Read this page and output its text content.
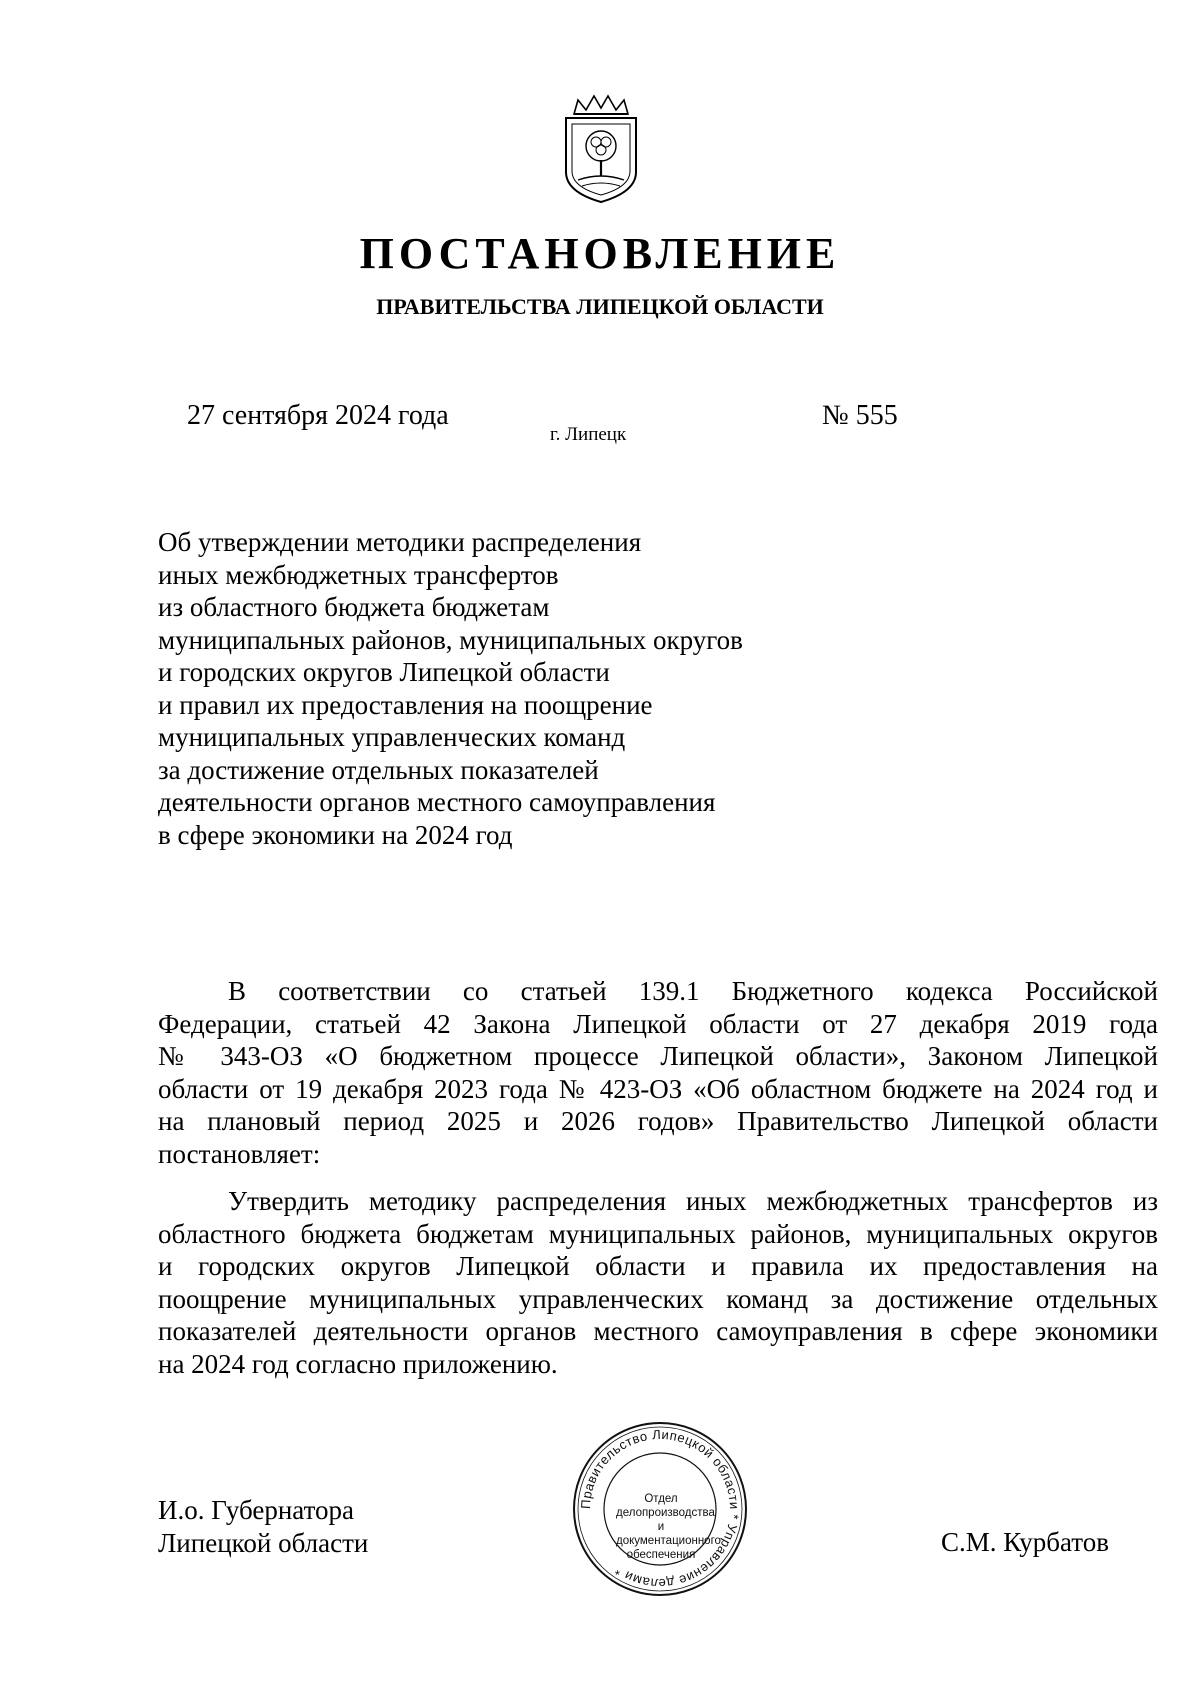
ПОСТАНОВЛЕНИЕ
ПРАВИТЕЛЬСТВА ЛИПЕЦКОЙ ОБЛАСТИ
27 сентября 2024 года
г. Липецк
№ 555
Об утверждении методики распределения
иных межбюджетных трансфертов
из областного бюджета бюджетам
муниципальных районов, муниципальных округов
и городских округов Липецкой области
и правил их предоставления на поощрение
муниципальных управленческих команд
за достижение отдельных показателей
деятельности органов местного самоуправления
в сфере экономики на 2024 год
В соответствии со статьей 139.1 Бюджетного кодекса Российской
Федерации, статьей 42 Закона Липецкой области от 27 декабря 2019 года
№ 343-ОЗ «О бюджетном процессе Липецкой области», Законом Липецкой
области от 19 декабря 2023 года № 423-ОЗ «Об областном бюджете на 2024 год и
на плановый период 2025 и 2026 годов» Правительство Липецкой области
постановляет:
Утвердить методику распределения иных межбюджетных трансфертов из
областного бюджета бюджетам муниципальных районов, муниципальных округов
и городских округов Липецкой области и правила их предоставления на
поощрение муниципальных управленческих команд за достижение отдельных
показателей деятельности органов местного самоуправления в сфере экономики
на 2024 год согласно приложению.
И.о. Губернатора
Липецкой области	С.М. Курбатов
Правительство Липецкой области * Управление делами *
Отдел
делопроизводства и
документационного
обеспечения
